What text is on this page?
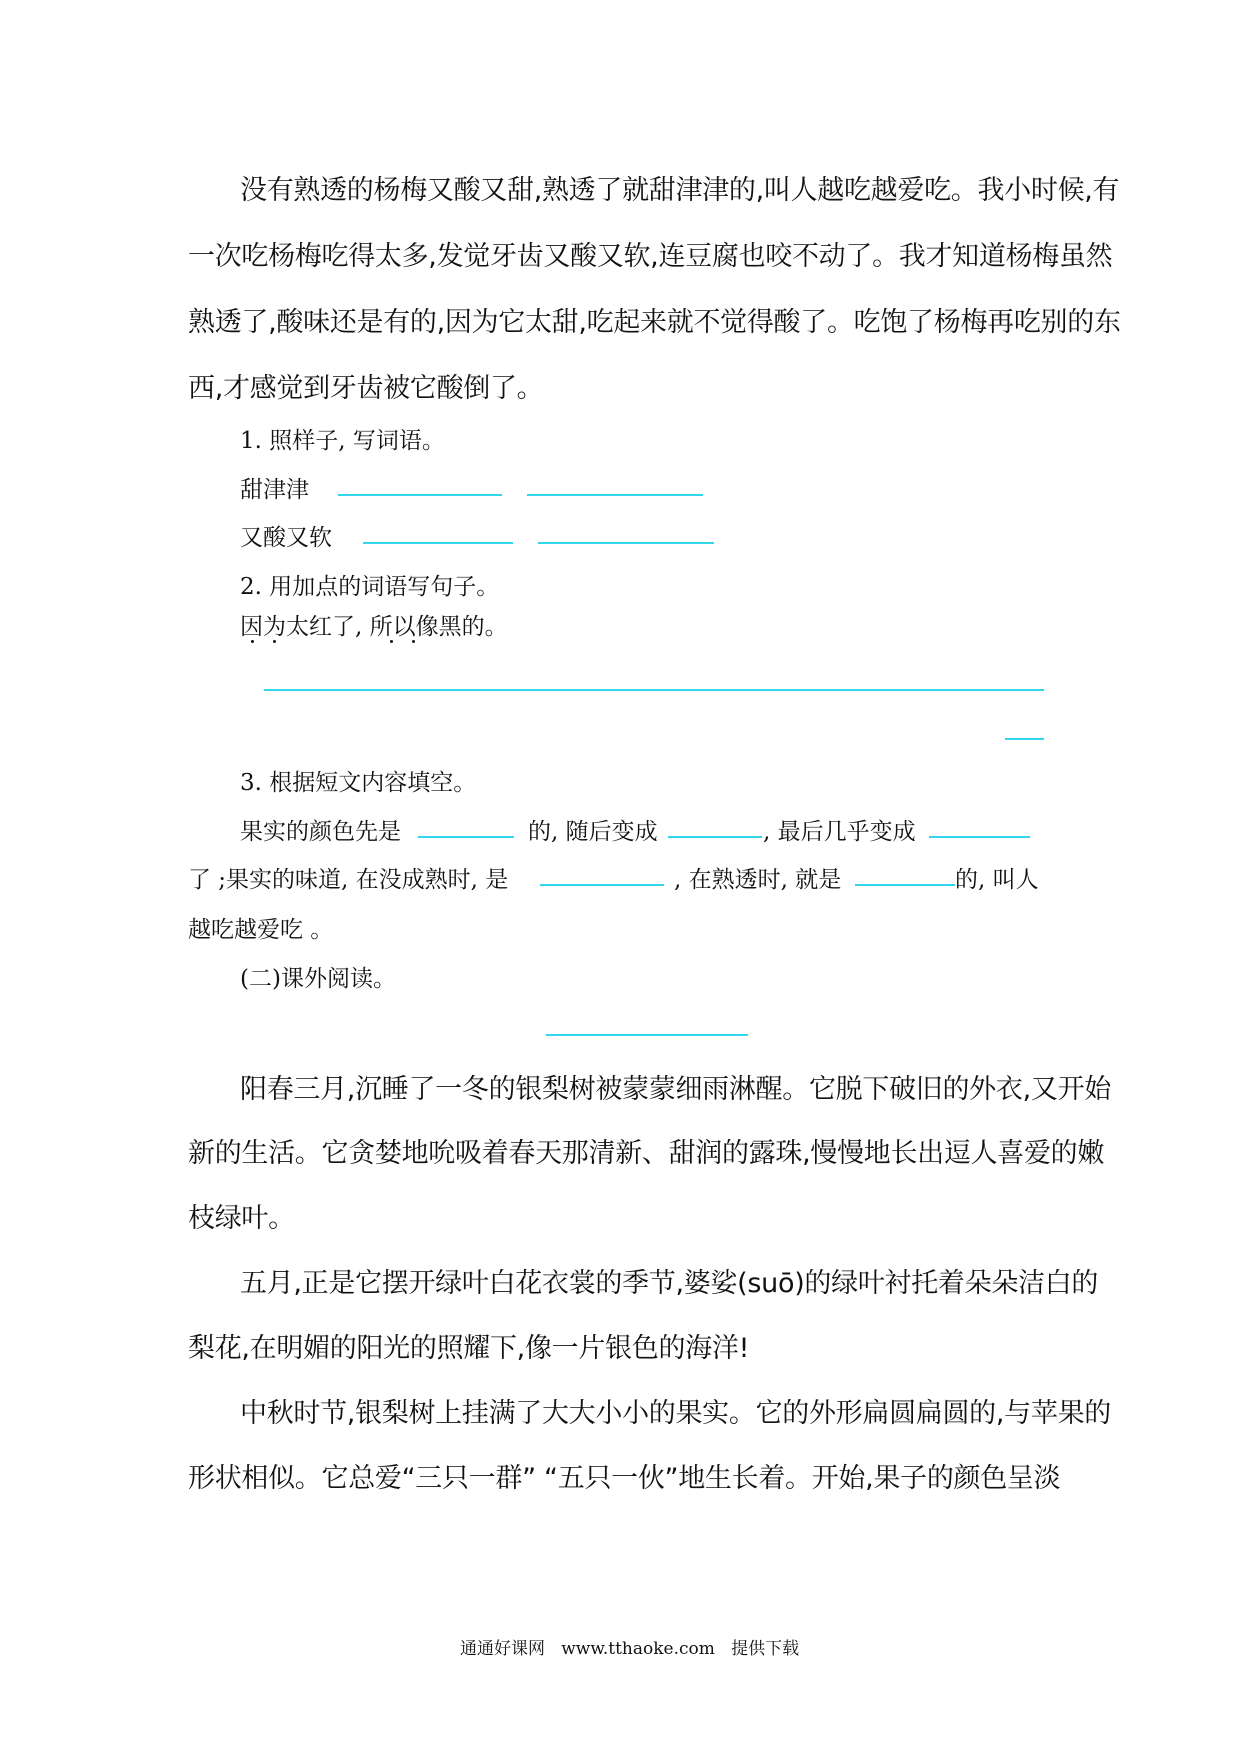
没有熟透的杨梅又酸又甜,熟透了就甜津津的,叫人越吃越爱吃。我小时候,有
一次吃杨梅吃得太多,发觉牙齿又酸又软,连豆腐也咬不动了。我才知道杨梅虽然
熟透了,酸味还是有的,因为它太甜,吃起来就不觉得酸了。吃饱了杨梅再吃别的东
西,才感觉到牙齿被它酸倒了。
1. 照样子, 写词语。
甜津津
又酸又软
2. 用加点的词语写句子。
因为太红了, 所以像黑的。
3. 根据短文内容填空。
果实的颜色先是	的, 随后变成	, 最后几乎变成
了 ;果实的味道, 在没成熟时, 是	, 在熟透时, 就是	的, 叫人
越吃越爱吃 。
(二)课外阅读。
阳春三月,沉睡了一冬的银梨树被蒙蒙细雨淋醒。它脱下破旧的外衣,又开始
新的生活。它贪婪地吮吸着春天那清新、甜润的露珠,慢慢地长出逗人喜爱的嫩
枝绿叶。
五月,正是它摆开绿叶白花衣裳的季节,婆娑(suō)的绿叶衬托着朵朵洁白的
梨花,在明媚的阳光的照耀下,像一片银色的海洋!
中秋时节,银梨树上挂满了大大小小的果实。它的外形扁圆扁圆的,与苹果的
形状相似。它总爱“三只一群” “五只一伙”地生长着。开始,果子的颜色呈淡
通通好课网 www.tthaoke.com 提供下载
